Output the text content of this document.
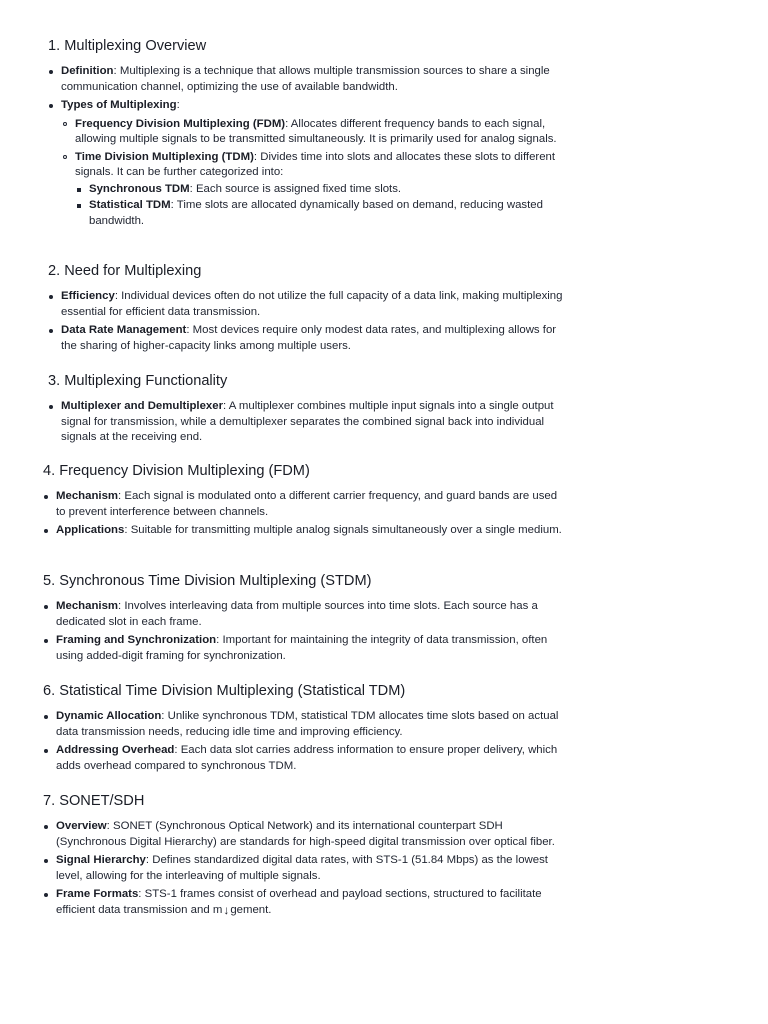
1. Multiplexing Overview
Definition: Multiplexing is a technique that allows multiple transmission sources to share a single communication channel, optimizing the use of available bandwidth.
Types of Multiplexing:
Frequency Division Multiplexing (FDM): Allocates different frequency bands to each signal, allowing multiple signals to be transmitted simultaneously. It is primarily used for analog signals.
Time Division Multiplexing (TDM): Divides time into slots and allocates these slots to different signals. It can be further categorized into:
Synchronous TDM: Each source is assigned fixed time slots.
Statistical TDM: Time slots are allocated dynamically based on demand, reducing wasted bandwidth.
2. Need for Multiplexing
Efficiency: Individual devices often do not utilize the full capacity of a data link, making multiplexing essential for efficient data transmission.
Data Rate Management: Most devices require only modest data rates, and multiplexing allows for the sharing of higher-capacity links among multiple users.
3. Multiplexing Functionality
Multiplexer and Demultiplexer: A multiplexer combines multiple input signals into a single output signal for transmission, while a demultiplexer separates the combined signal back into individual signals at the receiving end.
4. Frequency Division Multiplexing (FDM)
Mechanism: Each signal is modulated onto a different carrier frequency, and guard bands are used to prevent interference between channels.
Applications: Suitable for transmitting multiple analog signals simultaneously over a single medium.
5. Synchronous Time Division Multiplexing (STDM)
Mechanism: Involves interleaving data from multiple sources into time slots. Each source has a dedicated slot in each frame.
Framing and Synchronization: Important for maintaining the integrity of data transmission, often using added-digit framing for synchronization.
6. Statistical Time Division Multiplexing (Statistical TDM)
Dynamic Allocation: Unlike synchronous TDM, statistical TDM allocates time slots based on actual data transmission needs, reducing idle time and improving efficiency.
Addressing Overhead: Each data slot carries address information to ensure proper delivery, which adds overhead compared to synchronous TDM.
7. SONET/SDH
Overview: SONET (Synchronous Optical Network) and its international counterpart SDH (Synchronous Digital Hierarchy) are standards for high-speed digital transmission over optical fiber.
Signal Hierarchy: Defines standardized digital data rates, with STS-1 (51.84 Mbps) as the lowest level, allowing for the interleaving of multiple signals.
Frame Formats: STS-1 frames consist of overhead and payload sections, structured to facilitate efficient data transmission and m↓gement.
